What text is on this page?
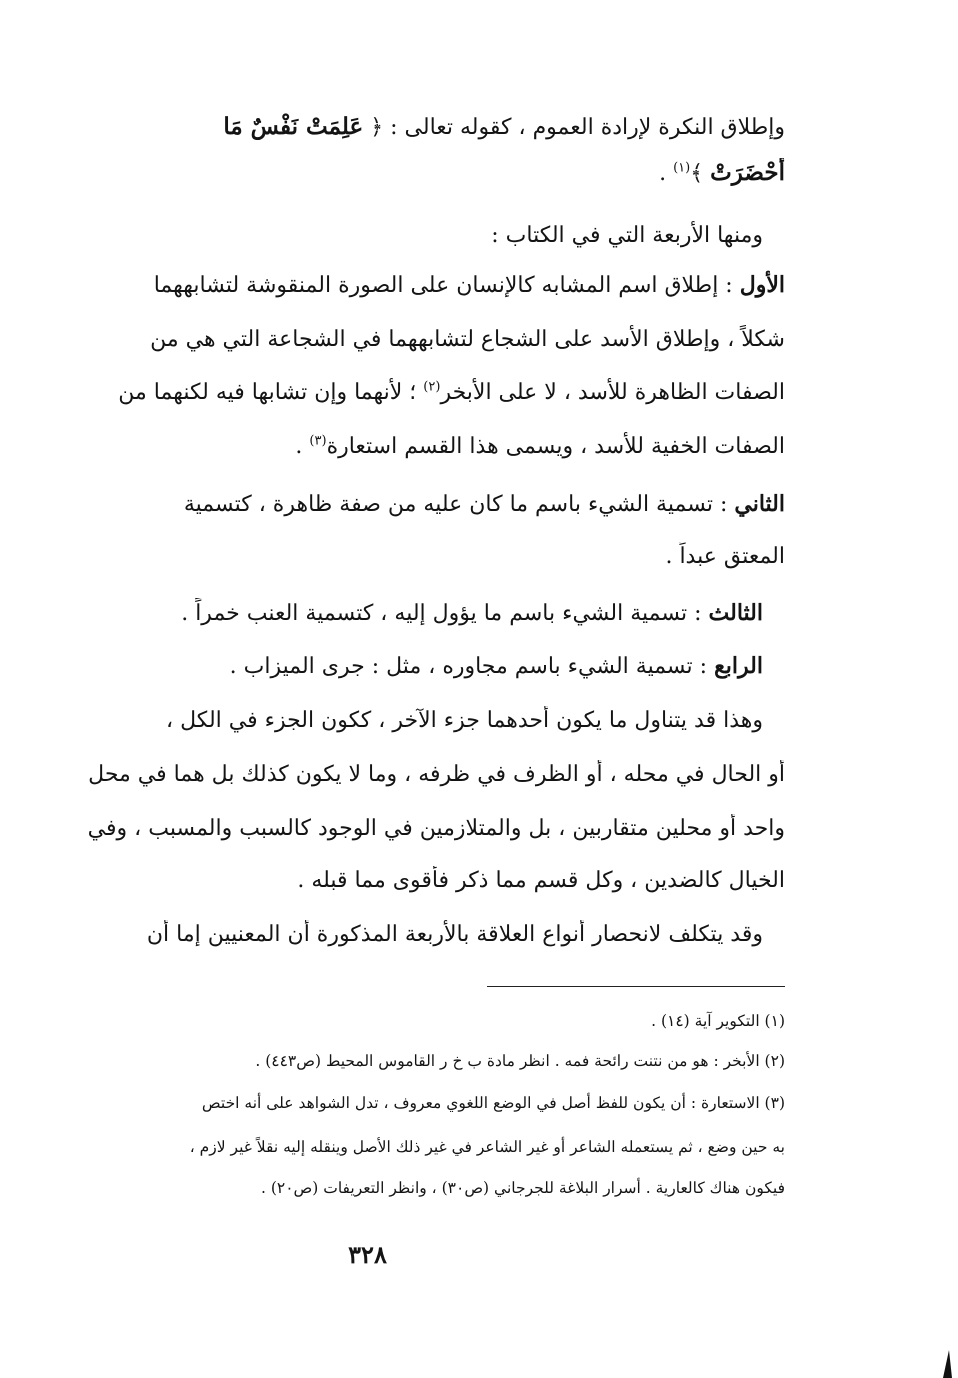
وإطلاق النكرة لإرادة العموم ، كقوله تعالى : ﴿ عَلِمَتْ نَفْسٌ مَا
أَحْضَرَتْ ﴾$^{(١)}$ .
ومنها الأربعة التي في الكتاب :
الأول : إطلاق اسم المشابه كالإنسان على الصورة المنقوشة لتشابههما
شكلاً ، وإطلاق الأسد على الشجاع لتشابههما في الشجاعة التي هي من
الصفات الظاهرة للأسد ، لا على الأبخر$^{(٢)}$ ؛ لأنهما وإن تشابها فيه لكنهما من
الصفات الخفية للأسد ، ويسمى هذا القسم استعارة$^{(٣)}$ .
الثاني : تسمية الشيء باسم ما كان عليه من صفة ظاهرة ، كتسمية
المعتق عبداً .
الثالث : تسمية الشيء باسم ما يؤول إليه ، كتسمية العنب خمراً .
الرابع : تسمية الشيء باسم مجاوره ، مثل : جرى الميزاب .
وهذا قد يتناول ما يكون أحدهما جزء الآخر ، ككون الجزء في الكل ،
أو الحال في محله ، أو الظرف في ظرفه ، وما لا يكون كذلك بل هما في محل
واحد أو محلين متقاربين ، بل والمتلازمين في الوجود كالسبب والمسبب ، وفي
الخيال كالضدين ، وكل قسم مما ذكر فأقوى مما قبله .
وقد يتكلف لانحصار أنواع العلاقة بالأربعة المذكورة أن المعنيين إما أن
(١) التكوير آية (١٤) .
(٢) الأبخر : هو من نتنت رائحة فمه . انظر مادة ب خ ر القاموس المحيط (ص٤٤٣) .
(٣) الاستعارة : أن يكون للفظ أصل في الوضع اللغوي معروف ، تدل الشواهد على أنه اختص
به حين وضع ، ثم يستعمله الشاعر أو غير الشاعر في غير ذلك الأصل وينقله إليه نقلاً غير لازم ،
فيكون هناك كالعارية . أسرار البلاغة للجرجاني (ص٣٠) ، وانظر التعريفات (ص٢٠) .
٣٢٨
